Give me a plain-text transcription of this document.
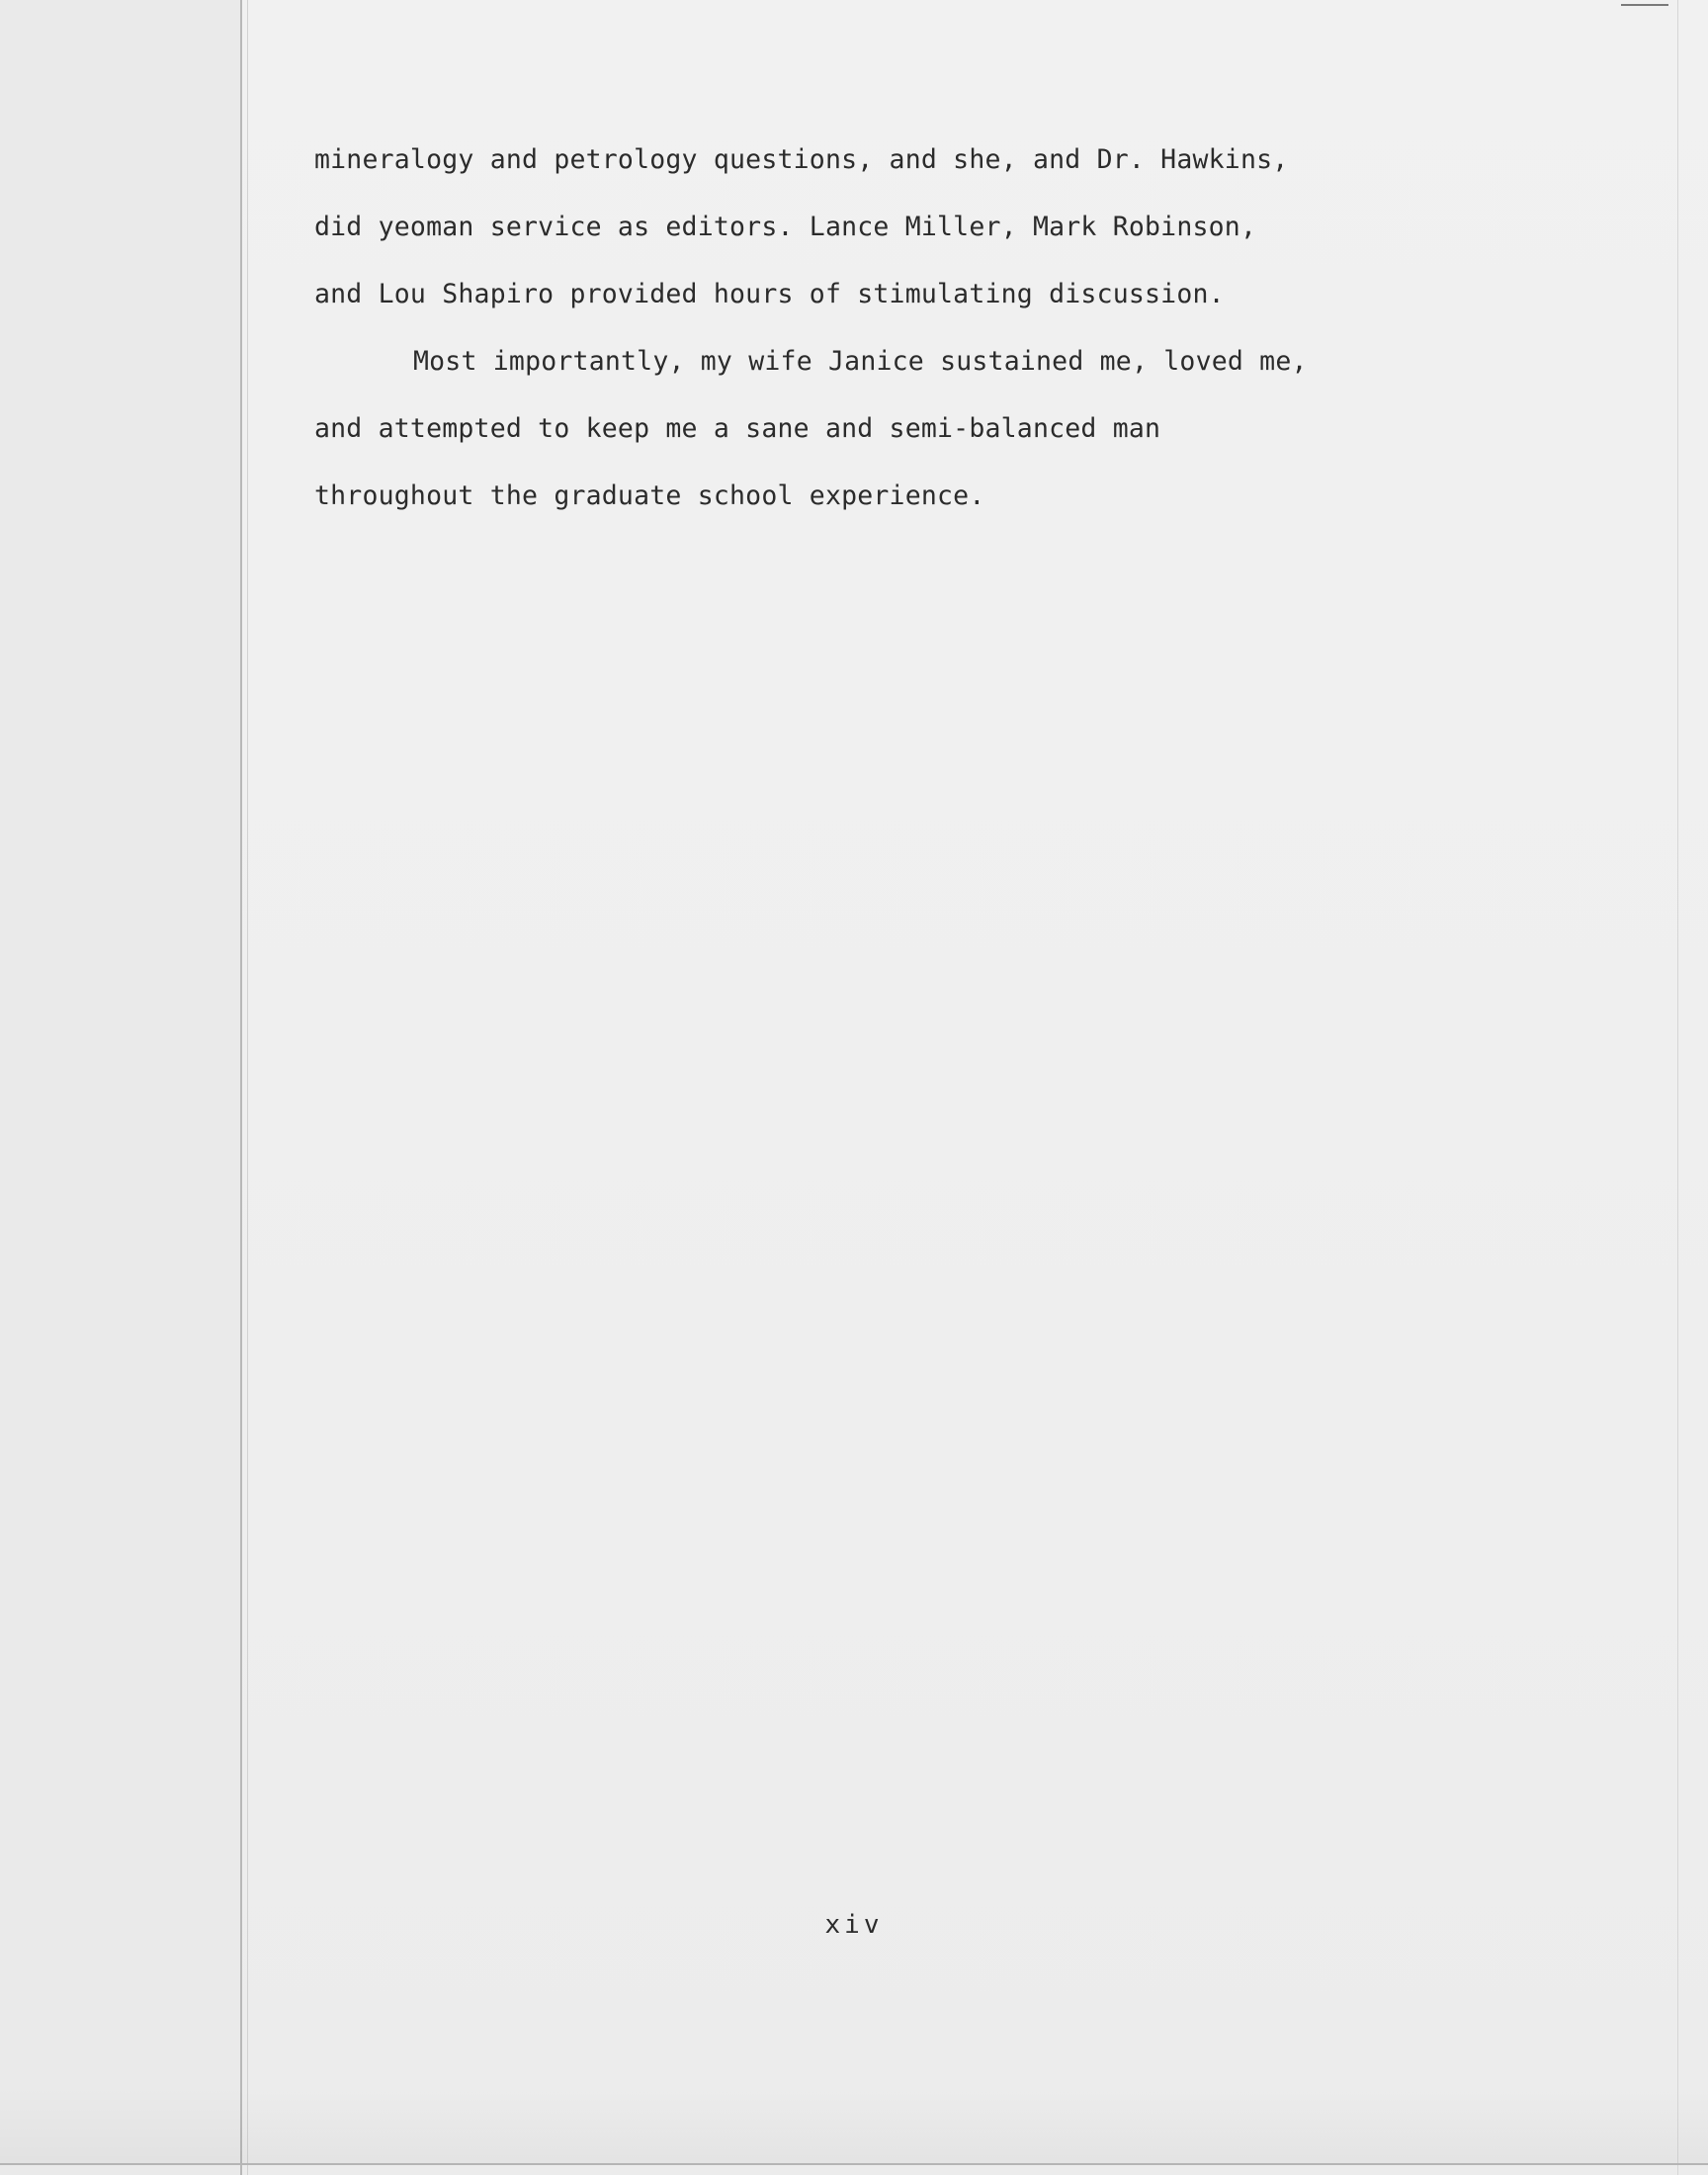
mineralogy and petrology questions, and she, and Dr. Hawkins,
did yeoman service as editors. Lance Miller, Mark Robinson,
and Lou Shapiro provided hours of stimulating discussion.
Most importantly, my wife Janice sustained me, loved me,
and attempted to keep me a sane and semi-balanced man
throughout the graduate school experience.
xiv
